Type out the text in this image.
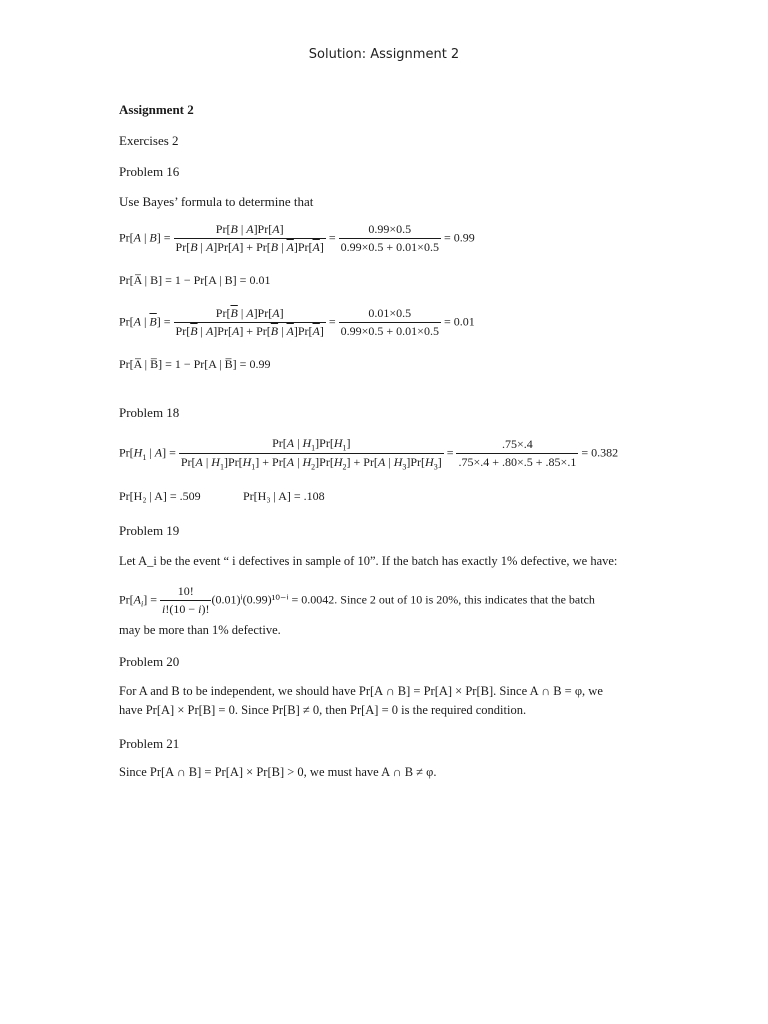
Solution: Assignment 2
Assignment 2
Exercises 2
Problem 16
Use Bayes’ formula to determine that
Pr[A | $B] = \frac{Pr[B | A]Pr[A]}{Pr[B | A]Pr[A] + Pr[B | \overline{A}]Pr[\overline{A}]} = \frac{0.99\times 0.5}{0.99\times 0.5 + 0.01\times 0.5} = 0.99$
Pr[A̅ | B] = 1 − Pr[A | B] = 0.01
Pr[A | $\overline{B}] = \frac{Pr[\overline{B} | A]Pr[A]}{Pr[\overline{B} | A]Pr[A] + Pr[\overline{B} | \overline{A}]Pr[\overline{A}]} = \frac{0.01\times 0.5}{0.99\times 0.5 + 0.01\times 0.5} = 0.01$
Pr[A̅ | B̅] = 1 − Pr[A | B̅] = 0.99
Problem 18
$Pr[H_1$ | $A] = \frac{Pr[A | H_1]Pr[H_1]}{Pr[A | H_1]Pr[H_1] + Pr[A | H_2]Pr[H_2] + Pr[A | H_3]Pr[H_3]} = \frac{.75\times.4}{.75\times.4 + .80\times.5 + .85\times.1} = 0.382$
Pr[H₂ | A] = .509	Pr[H₃ | A] = .108
Problem 19
Let A_i be the event “ i defectives in sample of 10”. If the batch has exactly 1% defective, we have:
$Pr[A_i] = \frac{10!}{i!(10 - i)!} (0.01)^i(0.99)^{10-i} = 0.0042$. Since 2 out of 10 is 20%, this indicates that the batch
may be more than 1% defective.
Problem 20
For A and B to be independent, we should have Pr[A ∩ B] = Pr[A] × Pr[B]. Since A ∩ B = φ, we
have Pr[A] × Pr[B] = 0. Since Pr[B] ≠ 0, then Pr[A] = 0 is the required condition.
Problem 21
Since Pr[A ∩ B] = Pr[A] × Pr[B] > 0, we must have A ∩ B ≠ φ.
